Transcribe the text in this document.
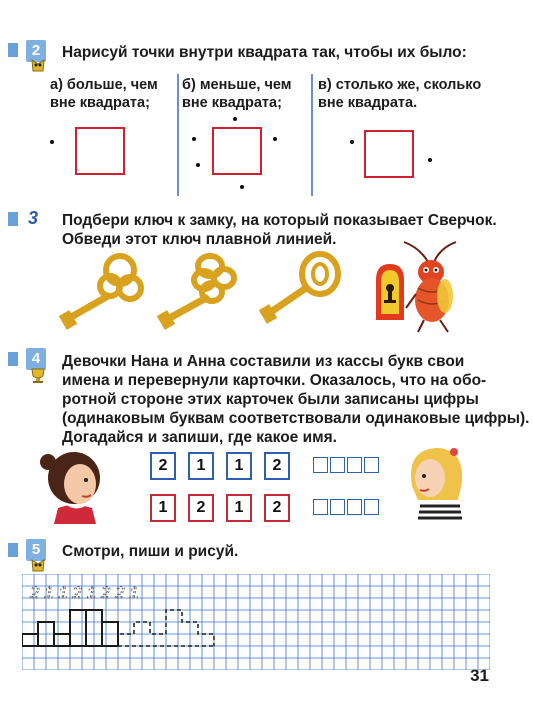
2	Нарисуй точки внутри квадрата так, чтобы их было:
а) больше, чем
вне квадрата;
б) меньше, чем
вне квадрата;
в) столько же, сколько
вне квадрата.
3 Подбери ключ к замку, на который показывает Сверчок.
Обведи этот ключ плавной линией.
4	Девочки Нана и Анна составили из кассы букв свои
имена и перевернули карточки. Оказалось, что на обо-
ротной стороне этих карточек были записаны цифры
(одинаковым буквам соответствовали одинаковые цифры).
Догадайся и запиши, где какое имя.
2	1	1	2
1	2	1	2
5	Смотри, пиши и рисуй.
2 1 1 2 1 2 2 1
31
